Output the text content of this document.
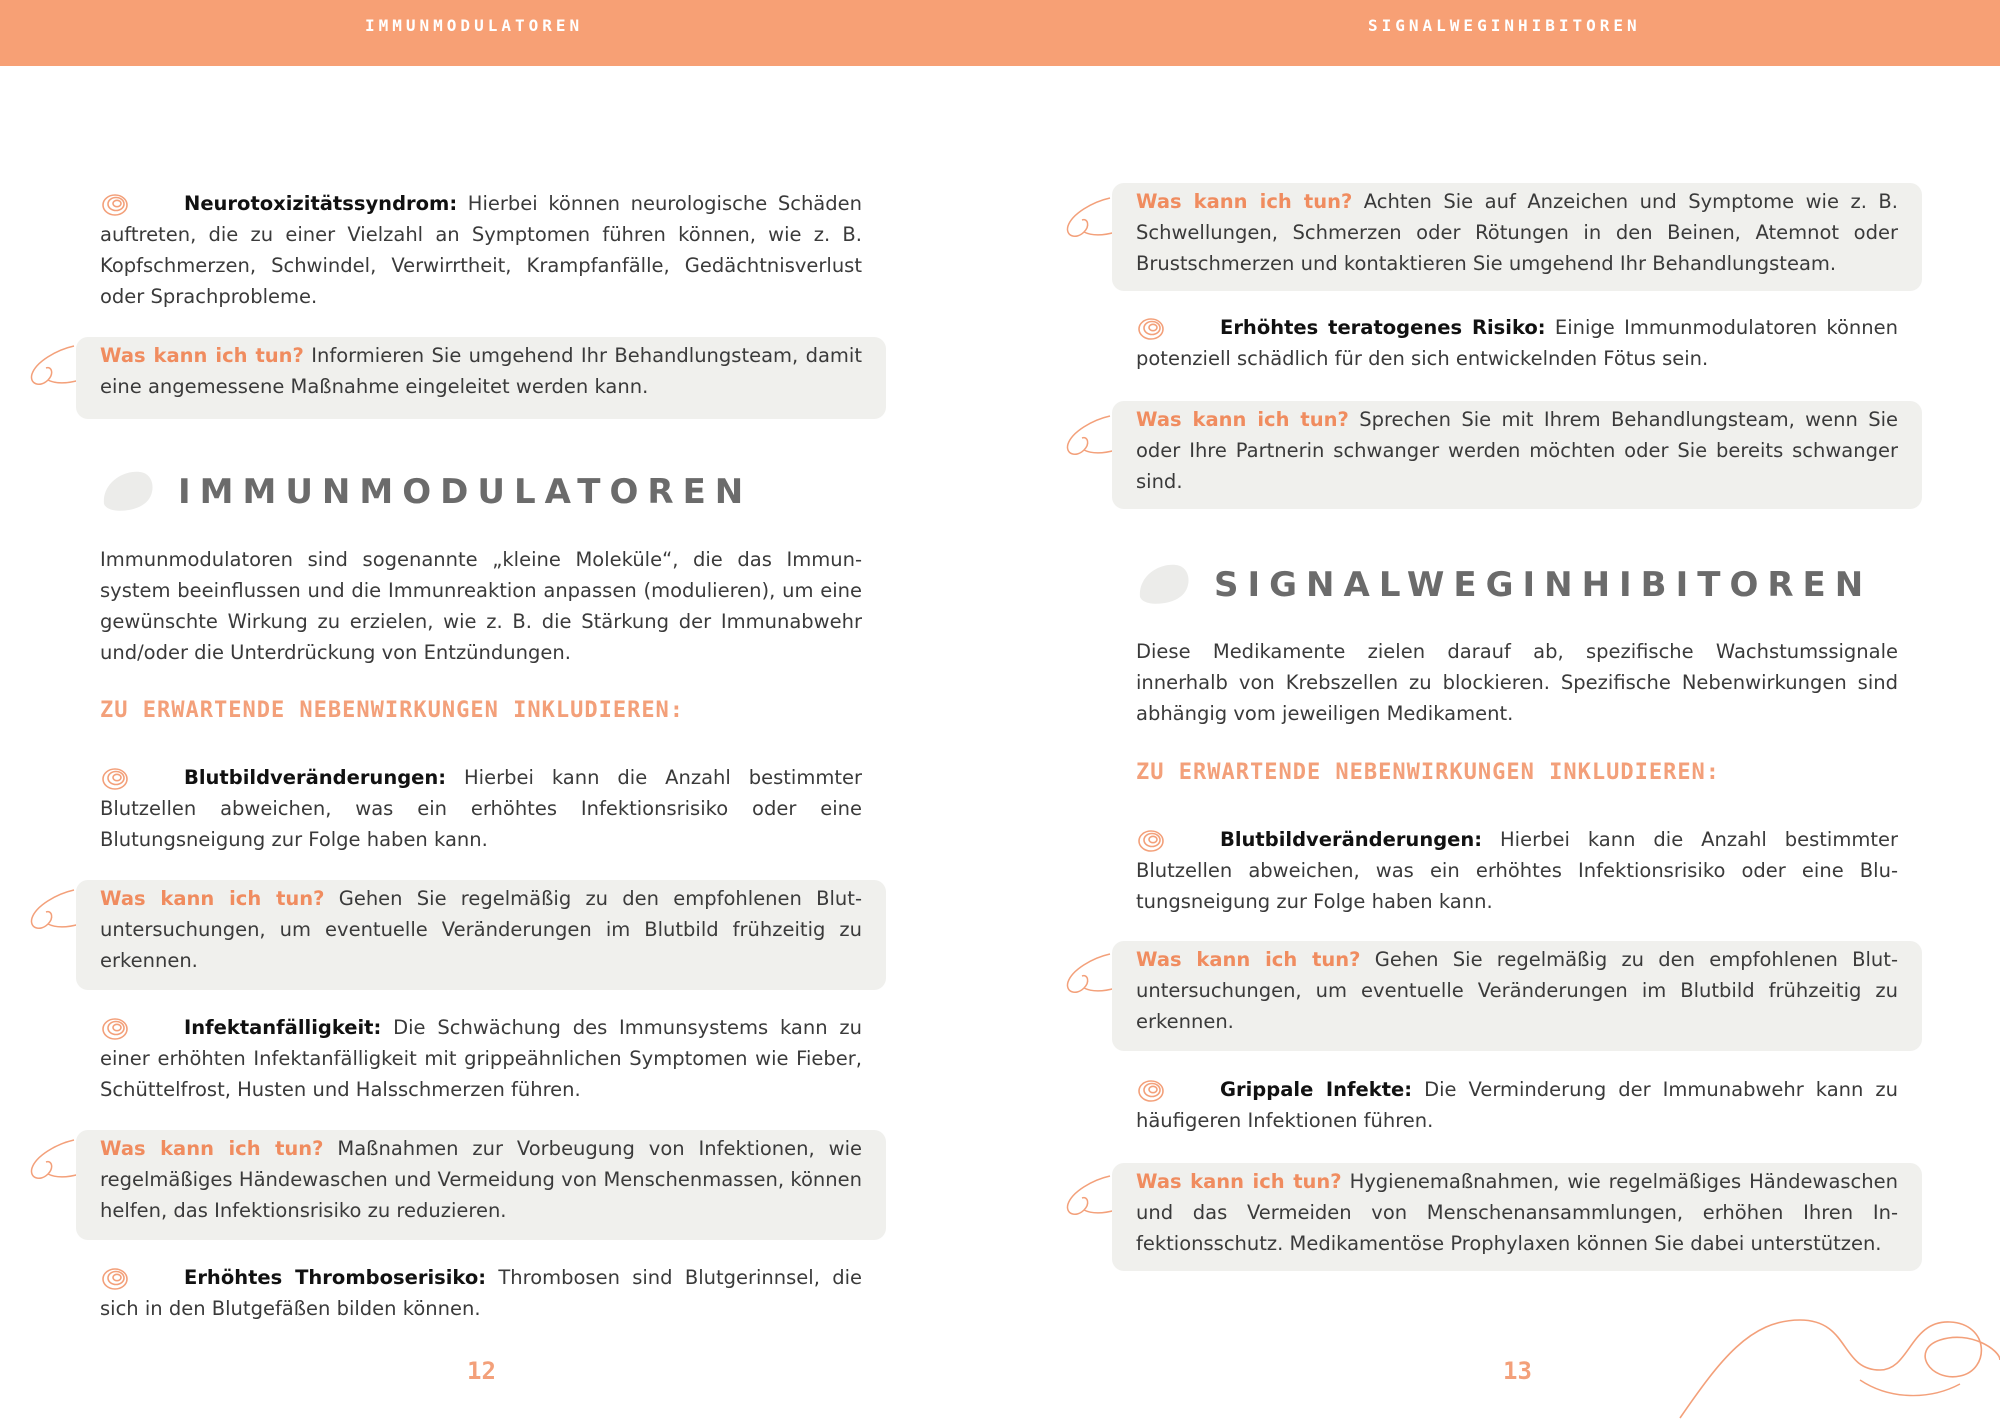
IMMUNMODULATOREN	SIGNALWEGINHIBITOREN

Neurotoxizitätssyndrom: Hierbei können neurologische Schäden auftreten, die zu einer Vielzahl an Symptomen führen können, wie z. B. Kopfschmerzen, Schwindel, Verwirrtheit, Krampfanfälle, Gedächtnisverlust oder Sprachprobleme.

Was kann ich tun? Informieren Sie umgehend Ihr Behandlungsteam, damit eine angemessene Maßnahme eingeleitet werden kann.
IMMUNMODULATOREN

Immunmodulatoren sind sogenannte „kleine Moleküle“, die das Immun-system beeinflussen und die Immunreaktion anpassen (modulieren), um eine gewünschte Wirkung zu erzielen, wie z. B. die Stärkung der Immunabwehr und/oder die Unterdrückung von Entzündungen.

ZU ERWARTENDE NEBENWIRKUNGEN INKLUDIEREN:

Blutbildveränderungen: Hierbei kann die Anzahl bestimmter Blutzellen abweichen, was ein erhöhtes Infektionsrisiko oder eine Blutungsneigung zur Folge haben kann.

Was kann ich tun? Gehen Sie regelmäßig zu den empfohlenen Blutuntersuchungen, um eventuelle Veränderungen im Blutbild frühzeitig zu erkennen.

Infektanfälligkeit: Die Schwächung des Immunsystems kann zu einer erhöhten Infektanfälligkeit mit grippeähnlichen Symptomen wie Fieber, Schüttelfrost, Husten und Halsschmerzen führen.

Was kann ich tun? Maßnahmen zur Vorbeugung von Infektionen, wie regelmäßiges Händewaschen und Vermeidung von Menschenmassen, können helfen, das Infektionsrisiko zu reduzieren.

Erhöhtes Thromboserisiko: Thrombosen sind Blutgerinnsel, die sich in den Blutgefäßen bilden können.

12
Was kann ich tun? Achten Sie auf Anzeichen und Symptome wie z. B. Schwellungen, Schmerzen oder Rötungen in den Beinen, Atemnot oder Brustschmerzen und kontaktieren Sie umgehend Ihr Behandlungsteam.

Erhöhtes teratogenes Risiko: Einige Immunmodulatoren können potenziell schädlich für den sich entwickelnden Fötus sein.

Was kann ich tun? Sprechen Sie mit Ihrem Behandlungsteam, wenn Sie oder Ihre Partnerin schwanger werden möchten oder Sie bereits schwanger sind.
SIGNALWEGINHIBITOREN

Diese Medikamente zielen darauf ab, spezifische Wachstumssignale innerhalb von Krebszellen zu blockieren. Spezifische Nebenwirkungen sind abhängig vom jeweiligen Medikament.

ZU ERWARTENDE NEBENWIRKUNGEN INKLUDIEREN:

Blutbildveränderungen: Hierbei kann die Anzahl bestimmter Blutzellen abweichen, was ein erhöhtes Infektionsrisiko oder eine Blutungsneigung zur Folge haben kann.

Was kann ich tun? Gehen Sie regelmäßig zu den empfohlenen Blutuntersuchungen, um eventuelle Veränderungen im Blutbild frühzeitig zu erkennen.

Grippale Infekte: Die Verminderung der Immunabwehr kann zu häufigeren Infektionen führen.

Was kann ich tun? Hygienemaßnahmen, wie regelmäßiges Händewaschen und das Vermeiden von Menschenansammlungen, erhöhen Ihren Infektionsschutz. Medikamentöse Prophylaxen können Sie dabei unterstützen.
13
